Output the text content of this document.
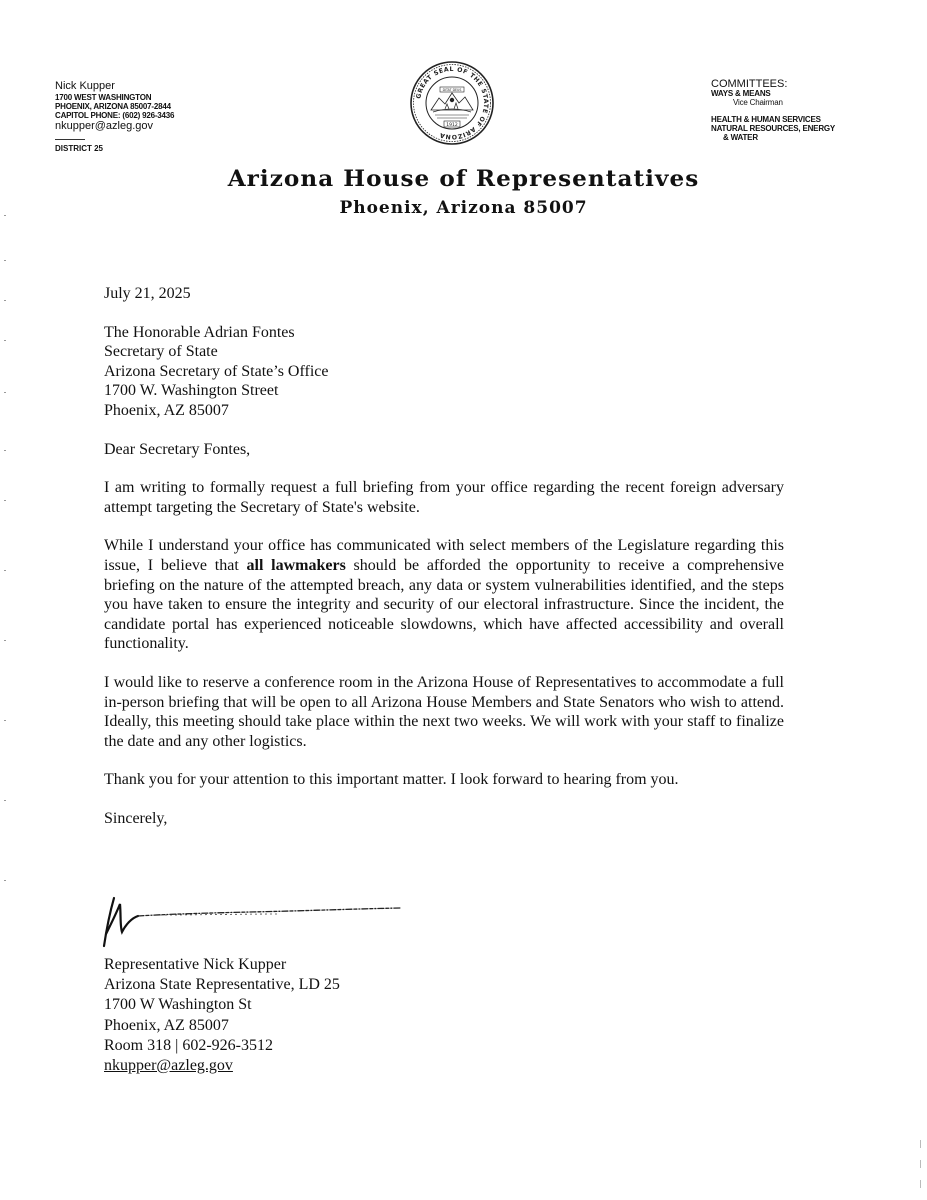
Nick Kupper
1700 WEST WASHINGTON
PHOENIX, ARIZONA 85007-2844
CAPITOL PHONE: (602) 926-3436
nkupper@azleg.gov
DISTRICT 25
GREAT SEAL OF THE STATE OF ARIZONA
DITAT DEUS
1912
COMMITTEES:
WAYS & MEANS
Vice Chairman
HEALTH & HUMAN SERVICES
NATURAL RESOURCES, ENERGY
& WATER
Arizona House of Representatives
Phoenix, Arizona 85007

July 21, 2025

The Honorable Adrian Fontes
Secretary of State
Arizona Secretary of State’s Office
1700 W. Washington Street
Phoenix, AZ 85007

Dear Secretary Fontes,

I am writing to formally request a full briefing from your office regarding the recent foreign adversary attempt targeting the Secretary of State's website.

While I understand your office has communicated with select members of the Legislature regarding this issue, I believe that all lawmakers should be afforded the opportunity to receive a comprehensive briefing on the nature of the attempted breach, any data or system vulnerabilities identified, and the steps you have taken to ensure the integrity and security of our electoral infrastructure. Since the incident, the candidate portal has experienced noticeable slowdowns, which have affected accessibility and overall functionality.

I would like to reserve a conference room in the Arizona House of Representatives to accommodate a full in-person briefing that will be open to all Arizona House Members and State Senators who wish to attend. Ideally, this meeting should take place within the next two weeks. We will work with your staff to finalize the date and any other logistics.

Thank you for your attention to this important matter. I look forward to hearing from you.

Sincerely,

Representative Nick Kupper
Arizona State Representative, LD 25
1700 W Washington St
Phoenix, AZ 85007
Room 318 | 602-926-3512
nkupper@azleg.gov
